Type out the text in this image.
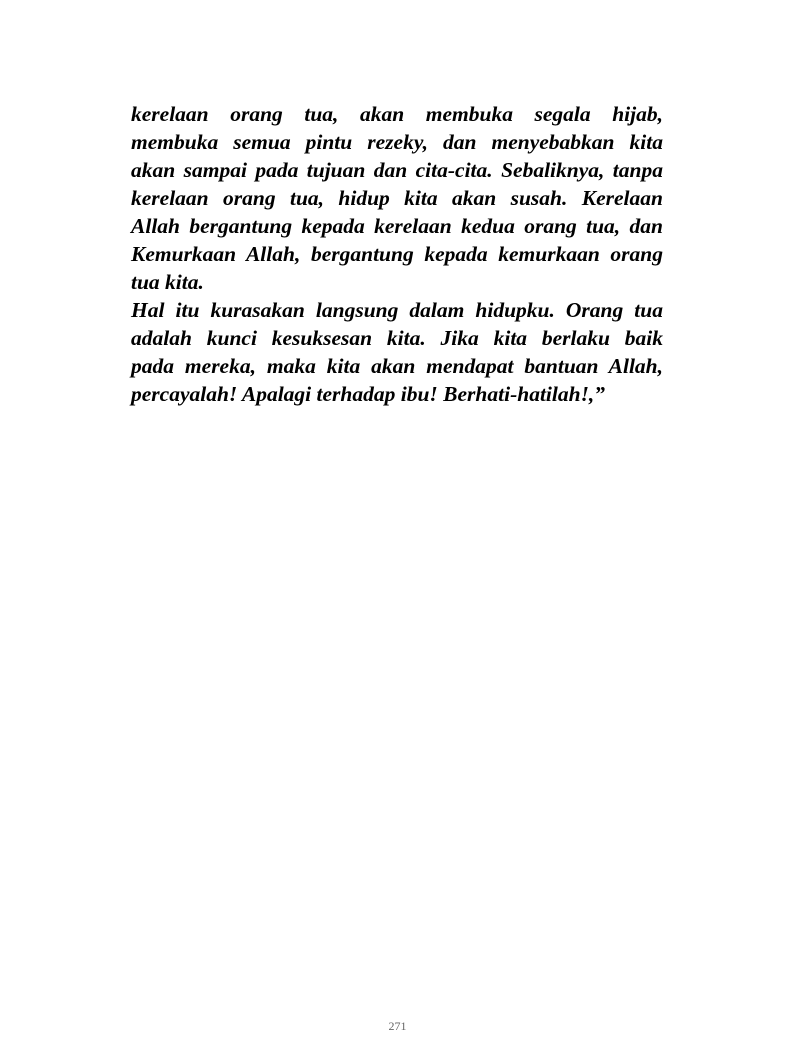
kerelaan orang tua, akan membuka segala hijab,
membuka semua pintu rezeky, dan menyebabkan kita
akan sampai pada tujuan dan cita-cita. Sebaliknya, tanpa
kerelaan orang tua, hidup kita akan susah. Kerelaan
Allah bergantung kepada kerelaan kedua orang tua, dan
Kemurkaan Allah, bergantung kepada kemurkaan orang
tua kita.
Hal itu kurasakan langsung dalam hidupku. Orang tua
adalah kunci kesuksesan kita. Jika kita berlaku baik
pada mereka, maka kita akan mendapat bantuan Allah,
percayalah! Apalagi terhadap ibu! Berhati-hatilah!,”
271
